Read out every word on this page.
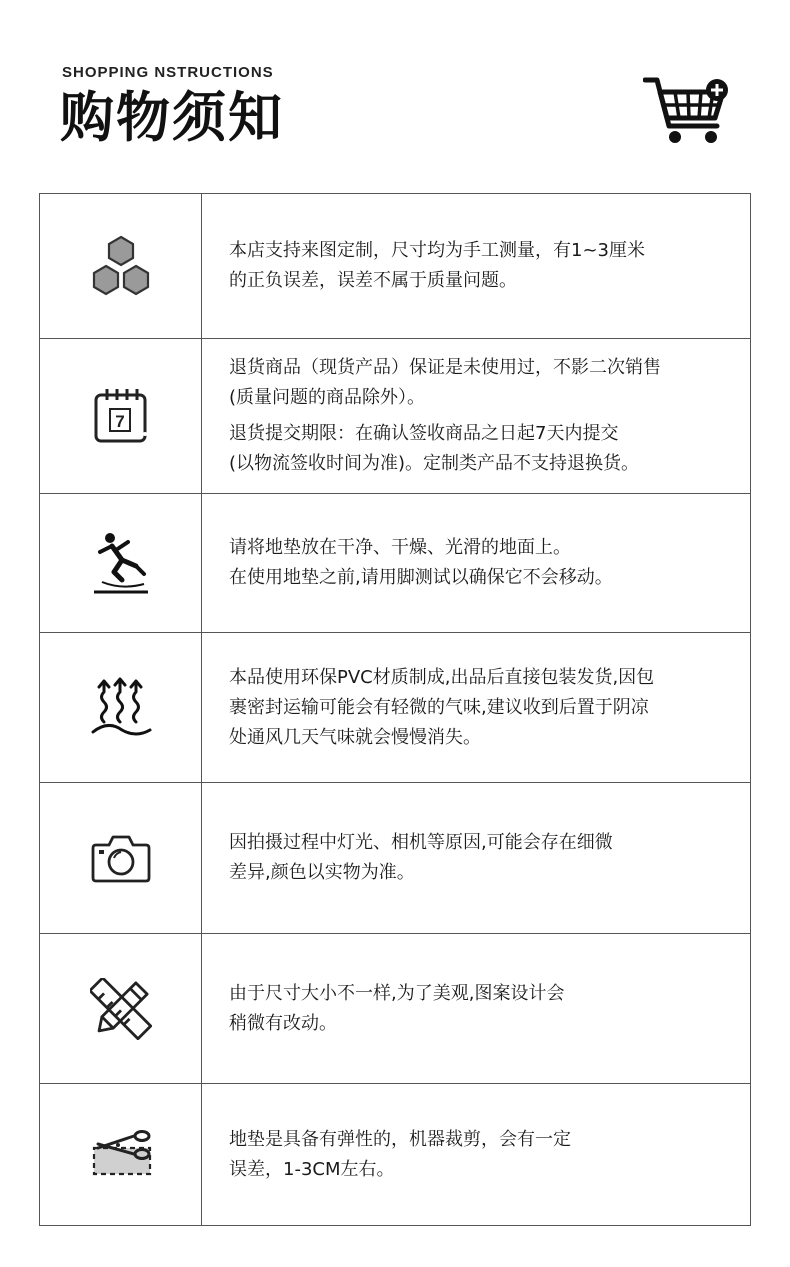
SHOPPING NSTRUCTIONS
购物须知

本店支持来图定制，尺寸均为手工测量，有1~3厘米
的正负误差，误差不属于质量问题。

7

退货商品（现货产品）保证是未使用过，不影二次销售
(质量问题的商品除外）。

退货提交期限：在确认签收商品之日起7天内提交
(以物流签收时间为准)。定制类产品不支持退换货。

请将地垫放在干净、干燥、光滑的地面上。
在使用地垫之前,请用脚测试以确保它不会移动。

本品使用环保PVC材质制成,出品后直接包装发货,因包
裹密封运输可能会有轻微的气味,建议收到后置于阴凉
处通风几天气味就会慢慢消失。

因拍摄过程中灯光、相机等原因,可能会存在细微
差异,颜色以实物为准。

由于尺寸大小不一样,为了美观,图案设计会
稍微有改动。

地垫是具备有弹性的，机器裁剪，会有一定
误差，1-3CM左右。
